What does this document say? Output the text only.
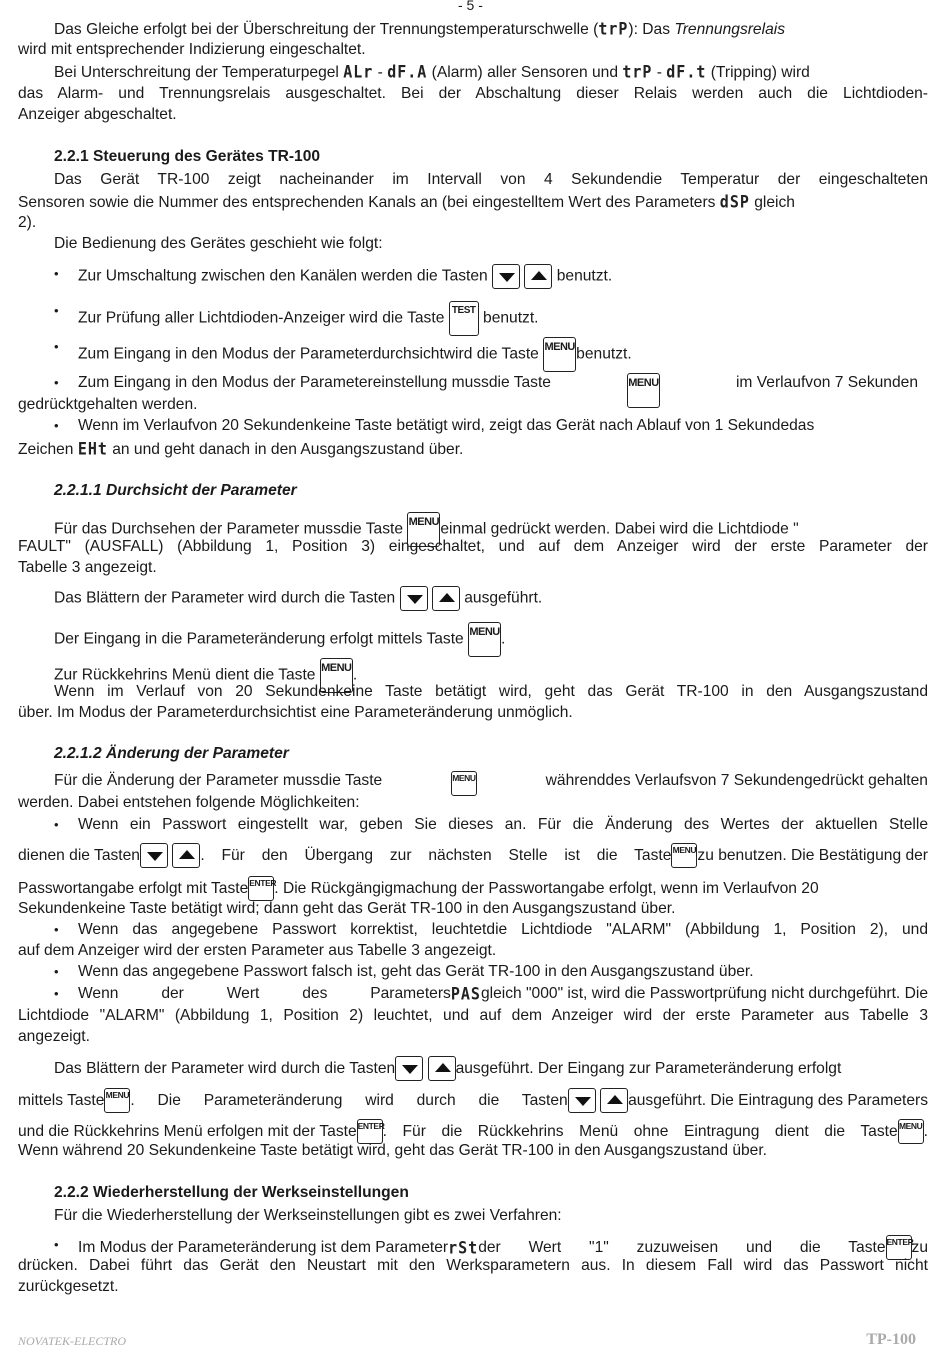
- 5 -
Das Gleiche erfolgt bei der Überschreitung der Trennungstemperaturschwelle (trP): Das Trennungsrelais
wird mit entsprechender Indizierung eingeschaltet.
Bei Unterschreitung der Temperaturpegel ALr - dF.A (Alarm) aller Sensoren und trP - dF.t (Tripping) wird
das Alarm- und Trennungsrelais ausgeschaltet. Bei der Abschaltung dieser Relais werden auch die Lichtdioden-
Anzeiger abgeschaltet.
2.2.1 Steuerung des Gerätes TR-100
Das Gerät TR-100 zeigt nacheinander im Intervall von 4 Sekundendie Temperatur der eingeschalteten
Sensoren sowie die Nummer des entsprechenden Kanals an (bei eingestelltem Wert des Parameters dSP gleich
2).
Die Bedienung des Gerätes geschieht wie folgt:
Zur Umschaltung zwischen den Kanälen werden die Tasten	benutzt.
Zur Prüfung aller Lichtdioden-Anzeiger wird die Taste TEST benutzt.
Zum Eingang in den Modus der Parameterdurchsichtwird die Taste MENUbenutzt.
Zum Eingang in den Modus der Parametereinstellung mussdie Taste	MENU	im Verlaufvon 7 Sekunden
gedrücktgehalten werden.
Wenn im Verlaufvon 20 Sekundenkeine Taste betätigt wird, zeigt das Gerät nach Ablauf von 1 Sekundedas
Zeichen EHt an und geht danach in den Ausgangszustand über.
2.2.1.1 Durchsicht der Parameter
Für das Durchsehen der Parameter mussdie Taste MENUeinmal gedrückt werden. Dabei wird die Lichtdiode "
FAULT" (AUSFALL) (Abbildung 1, Position 3) eingeschaltet, und auf dem Anzeiger wird der erste Parameter der
Tabelle 3 angezeigt.
Das Blättern der Parameter wird durch die Tasten	ausgeführt.
Der Eingang in die Parameteränderung erfolgt mittels Taste MENU.
Zur Rückkehrins Menü dient die Taste MENU.
Wenn im Verlauf von 20 Sekundenkeine Taste betätigt wird, geht das Gerät TR-100 in den Ausgangszustand
über. Im Modus der Parameterdurchsichtist eine Parameteränderung unmöglich.
2.2.1.2 Änderung der Parameter
Für die Änderung der Parameter mussdie Taste	MENU	währenddes Verlaufsvon 7 Sekundengedrückt gehalten
werden. Dabei entstehen folgende Möglichkeiten:
Wenn ein Passwort eingestellt war, geben Sie dieses an. Für die Änderung des Wertes der aktuellen Stelle
dienen die Tasten
	. Für den Übergang zur nächsten Stelle ist die Taste MENU zu benutzen. Die Bestätigung der
Passwortangabe erfolgt mit Taste ENTER
. Die Rückgängigmachung der Passwortangabe erfolgt, wenn im Verlaufvon 20
Sekundenkeine Taste betätigt wird; dann geht das Gerät TR-100 in den Ausgangszustand über.
Wenn das angegebene Passwort korrektist, leuchtetdie Lichtdiode "ALARM" (Abbildung 1, Position 2), und
auf dem Anzeiger wird der ersten Parameter aus Tabelle 3 angezeigt.
Wenn das angegebene Passwort falsch ist, geht das Gerät TR-100 in den Ausgangszustand über.
Wenn der Wert des Parameters PAS gleich "000" ist, wird die Passwortprüfung nicht durchgeführt. Die
Lichtdiode "ALARM" (Abbildung 1, Position 2) leuchtet, und auf dem Anzeiger wird der erste Parameter aus Tabelle 3
angezeigt.
Das Blättern der Parameter wird durch die Tasten
	ausgeführt. Der Eingang zur Parameteränderung erfolgt
mittels Taste MENU . Die Parameteränderung wird durch die Tasten
	ausgeführt. Die Eintragung des Parameters
und die Rückkehrins Menü erfolgen mit der Taste ENTER
. Für die Rückkehrins Menü ohne Eintragung dient die Taste MENU .
Wenn während 20 Sekundenkeine Taste betätigt wird, geht das Gerät TR-100 in den Ausgangszustand über.
2.2.2 Wiederherstellung der Werkseinstellungen
Für die Wiederherstellung der Werkseinstellungen gibt es zwei Verfahren:
Im Modus der Parameteränderung ist dem Parameter rSt der Wert "1" zuzuweisen und die Taste ENTER
zu
drücken. Dabei führt das Gerät den Neustart mit den Werksparametern aus. In diesem Fall wird das Passwort nicht
zurückgesetzt.
NOVATEK-ELECTRO	TP-100
